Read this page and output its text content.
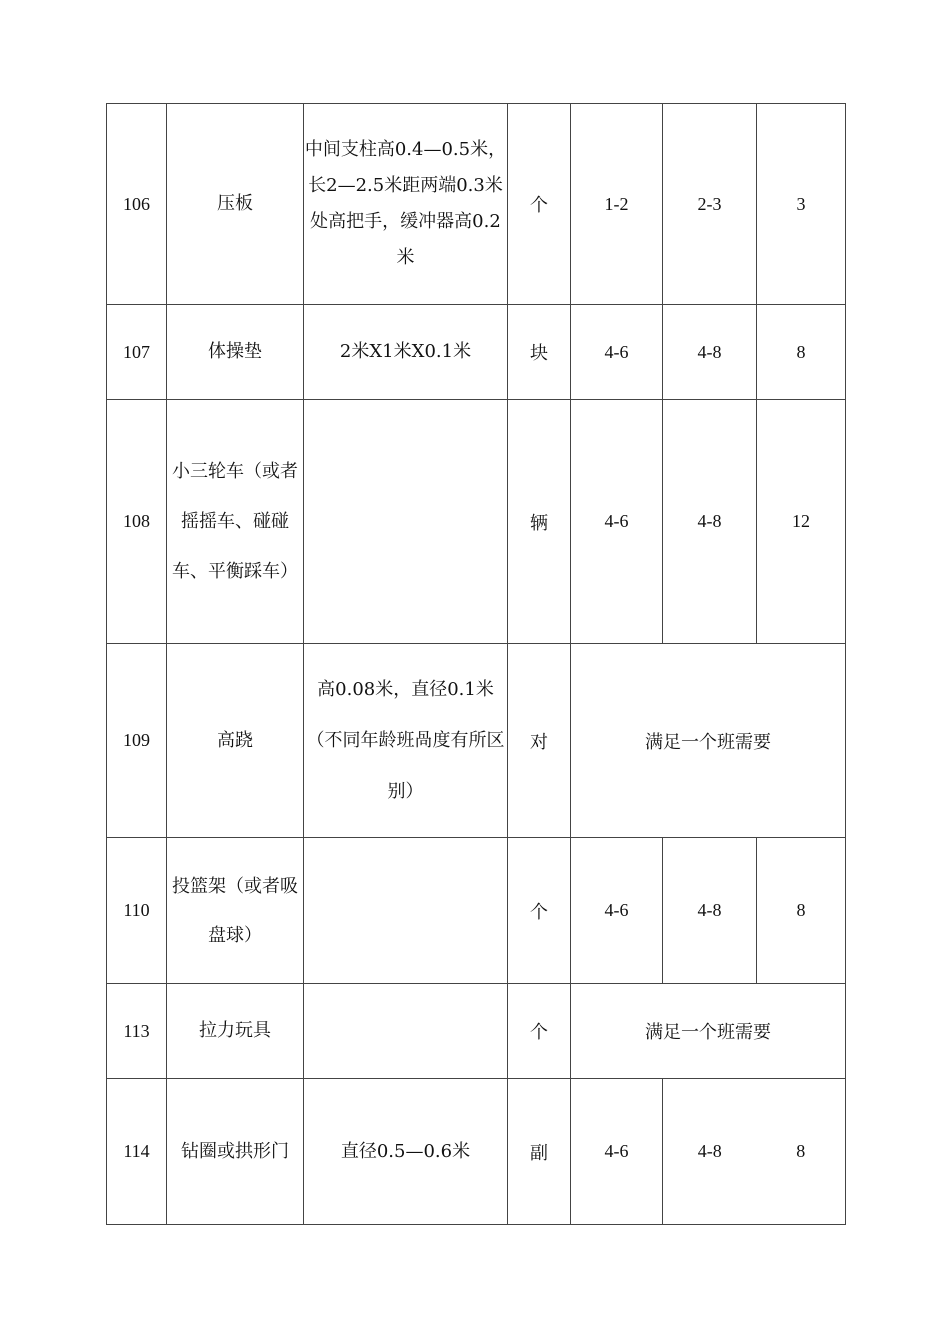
106	压板	中间支柱高0.4—0.5米，长2—2.5米距两端0.3米处高把手，缓冲器高0.2米	个	1-2	2-3	3
107	体操垫	2米X1米X0.1米	块	4-6	4-8	8
108	小三轮车（或者摇摇车、碰碰车、平衡踩车）		辆	4-6	4-8	12
109	高跷	高0.08米，直径0.1米（不同年龄班咼度有所区别）	对	满足一个班需要		
110	投篮架（或者吸盘球）		个	4-6	4-8	8
113	拉力玩具		个	满足一个班需要		
114	钻圈或拱形门	直径0.5—0.6米	副	4-6	4-8	8
